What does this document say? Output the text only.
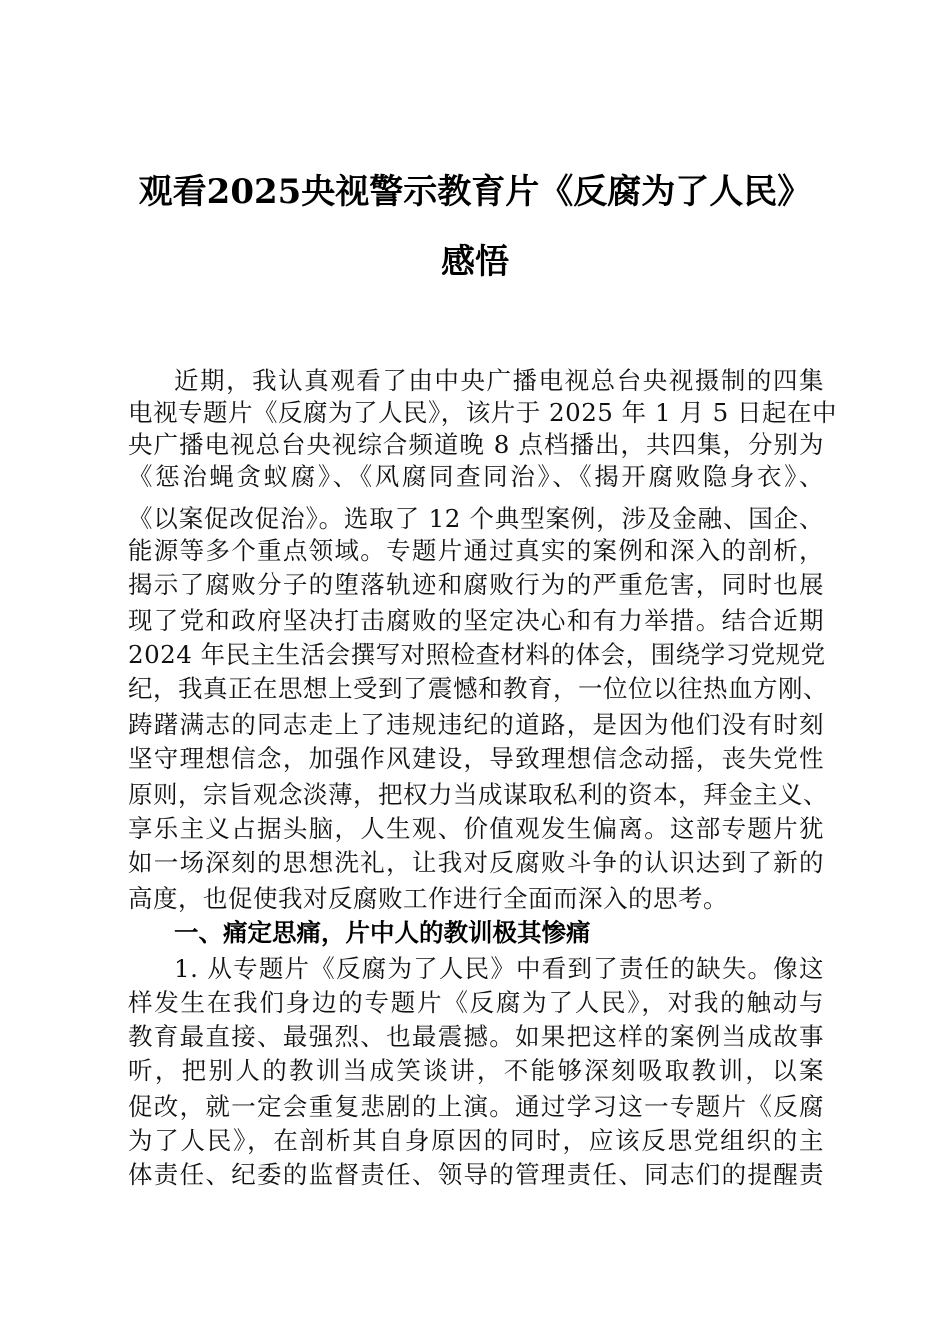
观看2025央视警示教育片《反腐为了人民》
感悟
近期，我认真观看了由中央广播电视总台央视摄制的四集
电视专题片《反腐为了人民》，该片于 2025 年 1 月 5 日起在中
央广播电视总台央视综合频道晚 8 点档播出，共四集，分别为
《惩治蝇贪蚁腐》、《风腐同查同治》、《揭开腐败隐身衣》、
《以案促改促治》。选取了 12 个典型案例，涉及金融、国企、
能源等多个重点领域。专题片通过真实的案例和深入的剖析，
揭示了腐败分子的堕落轨迹和腐败行为的严重危害，同时也展
现了党和政府坚决打击腐败的坚定决心和有力举措。结合近期
2024 年民主生活会撰写对照检查材料的体会，围绕学习党规党
纪，我真正在思想上受到了震憾和教育，一位位以往热血方刚、
踌躇满志的同志走上了违规违纪的道路，是因为他们没有时刻
坚守理想信念，加强作风建设，导致理想信念动摇，丧失党性
原则，宗旨观念淡薄，把权力当成谋取私利的资本，拜金主义、
享乐主义占据头脑，人生观、价值观发生偏离。这部专题片犹
如一场深刻的思想洗礼，让我对反腐败斗争的认识达到了新的
高度，也促使我对反腐败工作进行全面而深入的思考。
一、痛定思痛，片中人的教训极其惨痛
1. 从专题片《反腐为了人民》中看到了责任的缺失。像这
样发生在我们身边的专题片《反腐为了人民》，对我的触动与
教育最直接、最强烈、也最震撼。如果把这样的案例当成故事
听，把别人的教训当成笑谈讲，不能够深刻吸取教训，以案
促改，就一定会重复悲剧的上演。通过学习这一专题片《反腐
为了人民》，在剖析其自身原因的同时，应该反思党组织的主
体责任、纪委的监督责任、领导的管理责任、同志们的提醒责
